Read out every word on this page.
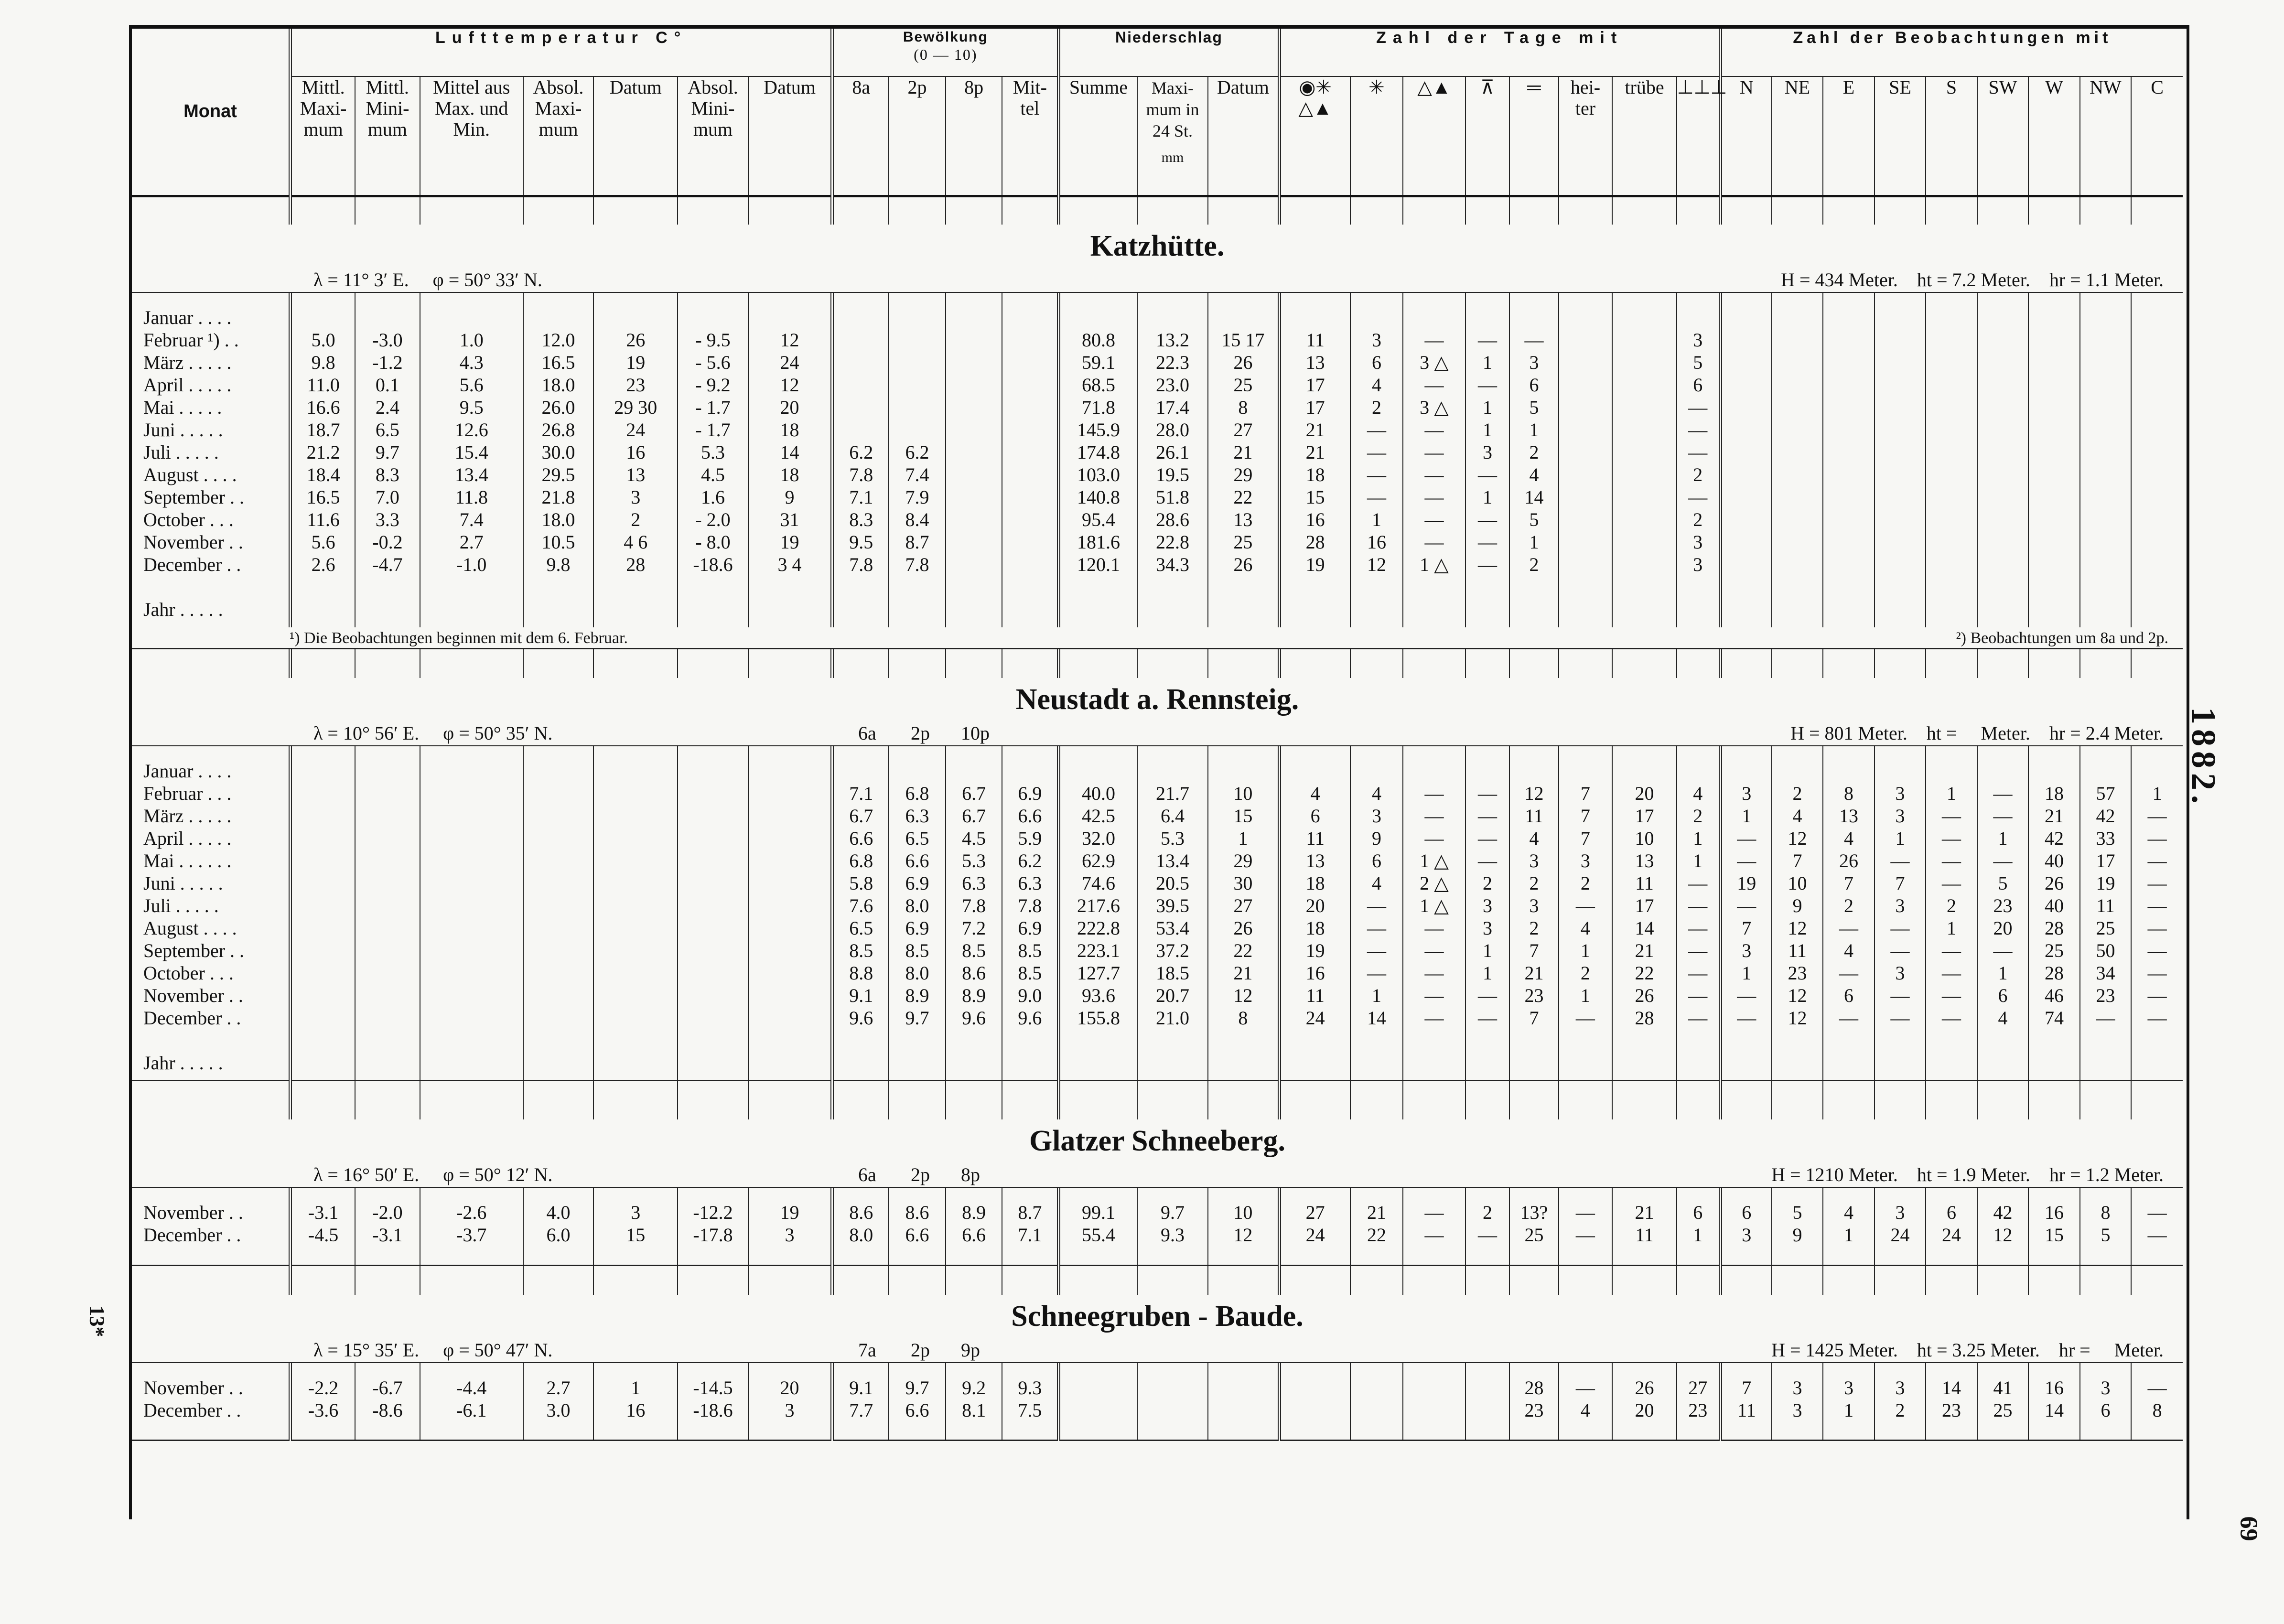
Monat	Lufttemperatur C°							Bewölkung
(0 — 10)				Niederschlag			Zahl der Tage mit								Zahl der Beobachtungen mit								
	Mittl. Maxi- mum	Mittl. Mini- mum	Mittel aus Max. und Min.	Absol. Maxi- mum	Datum	Absol. Mini- mum	Datum	8a	2p	8p	Mit- tel	Summe	Maxi- mum in 24 St.
mm	Datum	◉✳ △▲	✳	△▲	⊼	═	hei- ter	trübe	⊥⊥⊥	N	NE	E	SE	S	SW	W	NW	C

Katzhütte.																															

λ = 11° 3′ E.     φ = 50° 33′ N. H = 434 Meter.    ht = 7.2 Meter.    hr = 1.1 Meter.																															

Januar . . . .																															
Februar ¹) . .	5.0	-3.0	1.0	12.0	26	- 9.5	12					80.8	13.2	15 17	11	3	—	—	—			3									
März . . . . .	9.8	-1.2	4.3	16.5	19	- 5.6	24					59.1	22.3	26	13	6	3 △	1	3			5									
April . . . . .	11.0	0.1	5.6	18.0	23	- 9.2	12					68.5	23.0	25	17	4	—	—	6			6									
Mai . . . . .	16.6	2.4	9.5	26.0	29 30	- 1.7	20					71.8	17.4	8	17	2	3 △	1	5			—									
Juni . . . . .	18.7	6.5	12.6	26.8	24	- 1.7	18					145.9	28.0	27	21	—	—	1	1			—									
Juli . . . . .	21.2	9.7	15.4	30.0	16	5.3	14	6.2	6.2			174.8	26.1	21	21	—	—	3	2			—									
August . . . .	18.4	8.3	13.4	29.5	13	4.5	18	7.8	7.4			103.0	19.5	29	18	—	—	—	4			2									
September . .	16.5	7.0	11.8	21.8	3	1.6	9	7.1	7.9			140.8	51.8	22	15	—	—	1	14			—									
October . . .	11.6	3.3	7.4	18.0	2	- 2.0	31	8.3	8.4			95.4	28.6	13	16	1	—	—	5			2									
November . .	5.6	-0.2	2.7	10.5	4 6	- 8.0	19	9.5	8.7			181.6	22.8	25	28	16	—	—	1			3									
December . .	2.6	-4.7	-1.0	9.8	28	-18.6	3 4	7.8	7.8			120.1	34.3	26	19	12	1 △	—	2			3									

Jahr . . . . .																															

¹) Die Beobachtungen beginnen mit dem 6. Februar. ²) Beobachtungen um 8a und 2p.																															

Neustadt a. Rennsteig.																															

λ = 10° 56′ E.     φ = 50° 35′ N. 6a 2p 10p H = 801 Meter.    ht =     Meter.    hr = 2.4 Meter.																															

Januar . . . .																															
Februar . . .								7.1	6.8	6.7	6.9	40.0	21.7	10	4	4	—	—	12	7	20	4	3	2	8	3	1	—	18	57	1
März . . . . .								6.7	6.3	6.7	6.6	42.5	6.4	15	6	3	—	—	11	7	17	2	1	4	13	3	—	—	21	42	—
April . . . . .								6.6	6.5	4.5	5.9	32.0	5.3	1	11	9	—	—	4	7	10	1	—	12	4	1	—	1	42	33	—
Mai . . . . . .								6.8	6.6	5.3	6.2	62.9	13.4	29	13	6	1 △	—	3	3	13	1	—	7	26	—	—	—	40	17	—
Juni . . . . .								5.8	6.9	6.3	6.3	74.6	20.5	30	18	4	2 △	2	2	2	11	—	19	10	7	7	—	5	26	19	—
Juli . . . . .								7.6	8.0	7.8	7.8	217.6	39.5	27	20	—	1 △	3	3	—	17	—	—	9	2	3	2	23	40	11	—
August . . . .								6.5	6.9	7.2	6.9	222.8	53.4	26	18	—	—	3	2	4	14	—	7	12	—	—	1	20	28	25	—
September . .								8.5	8.5	8.5	8.5	223.1	37.2	22	19	—	—	1	7	1	21	—	3	11	4	—	—	—	25	50	—
October . . .								8.8	8.0	8.6	8.5	127.7	18.5	21	16	—	—	1	21	2	22	—	1	23	—	3	—	1	28	34	—
November . .								9.1	8.9	8.9	9.0	93.6	20.7	12	11	1	—	—	23	1	26	—	—	12	6	—	—	6	46	23	—
December . .								9.6	9.7	9.6	9.6	155.8	21.0	8	24	14	—	—	7	—	28	—	—	12	—	—	—	4	74	—	—

Jahr . . . . .																															

Glatzer Schneeberg.																															

λ = 16° 50′ E.     φ = 50° 12′ N. 6a 2p 8p H = 1210 Meter.    ht = 1.9 Meter.    hr = 1.2 Meter.																															

November . .	-3.1	-2.0	-2.6	4.0	3	-12.2	19	8.6	8.6	8.9	8.7	99.1	9.7	10	27	21	—	2	13?	—	21	6	6	5	4	3	6	42	16	8	—
December . .	-4.5	-3.1	-3.7	6.0	15	-17.8	3	8.0	6.6	6.6	7.1	55.4	9.3	12	24	22	—	—	25	—	11	1	3	9	1	24	24	12	15	5	—

Schneegruben - Baude.																															

λ = 15° 35′ E.     φ = 50° 47′ N. 7a 2p 9p H = 1425 Meter.    ht = 3.25 Meter.    hr =     Meter.																															

November . .	-2.2	-6.7	-4.4	2.7	1	-14.5	20	9.1	9.7	9.2	9.3								28	—	26	27	7	3	3	3	14	41	16	3	—
December . .	-3.6	-8.6	-6.1	3.0	16	-18.6	3	7.7	6.6	8.1	7.5								23	4	20	23	11	3	1	2	23	25	14	6	8

1882.
69
13*
